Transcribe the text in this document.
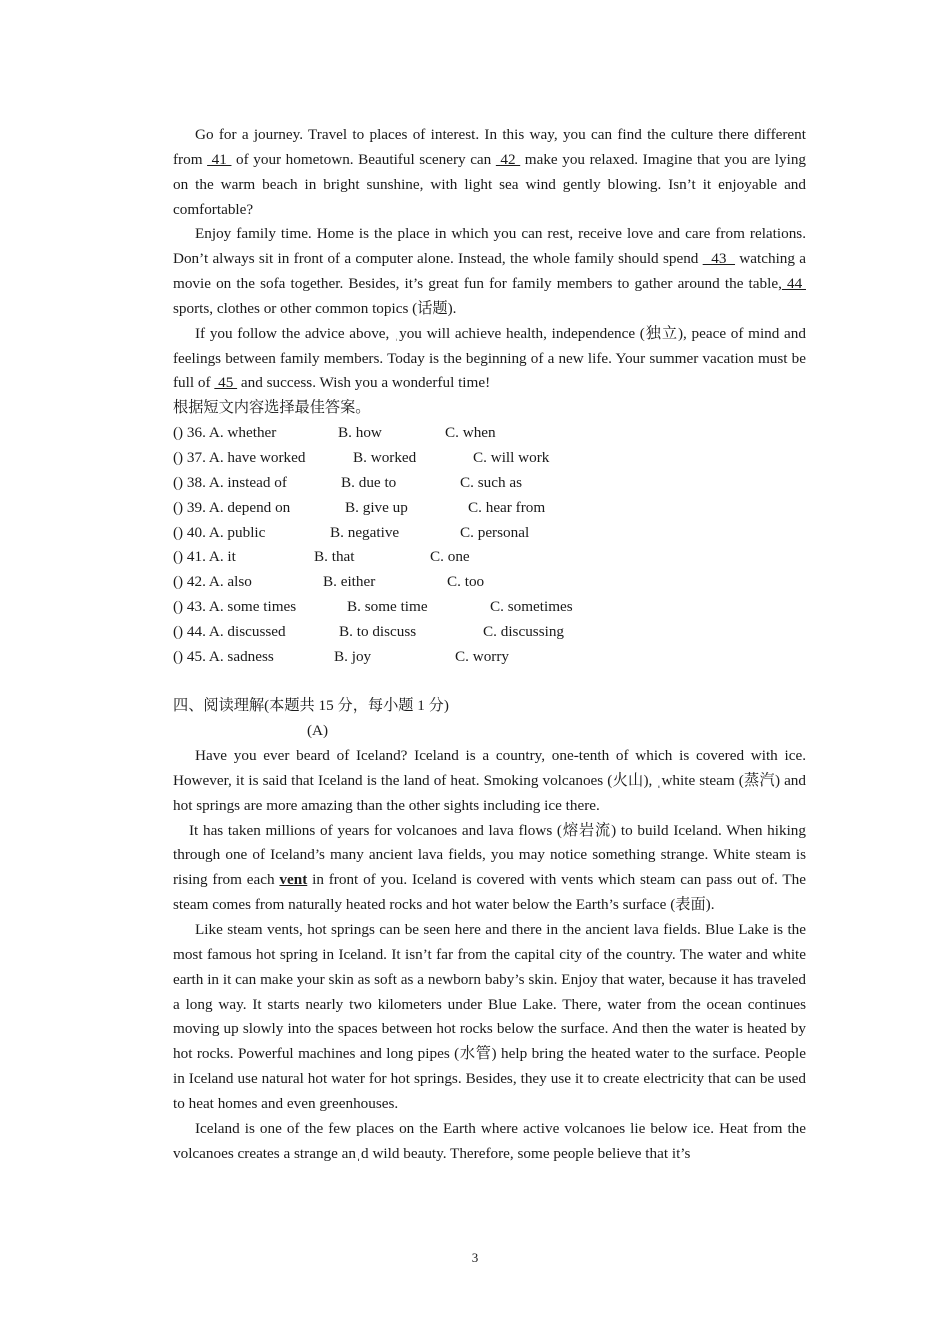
Go for a journey. Travel to places of interest. In this way, you can find the culture there different from  41  of your hometown. Beautiful scenery can  42  make you relaxed. Imagine that you are lying on the warm beach in bright sunshine, with light sea wind gently blowing. Isn’t it enjoyable and comfortable?

Enjoy family time. Home is the place in which you can rest, receive love and care from relations. Don’t always sit in front of a computer alone. Instead, the whole family should spend   43   watching a movie on the sofa together. Besides, it’s great fun for family members to gather around the table, 44  sports, clothes or other common topics (话题).

If you follow the advice above, ˌyou will achieve health, independence (独立), peace of mind and feelings between family members. Today is the beginning of a new life. Your summer vacation must be full of  45  and success. Wish you a wonderful time!

根据短文内容选择最佳答案。

() 36. A. whether	B. how	C. when
() 37. A. have worked	B. worked	C. will work
() 38. A. instead of	B. due to	C. such as
() 39. A. depend on	B. give up	C. hear from
() 40. A. public	B. negative	C. personal
() 41. A. it	B. that	C. one
() 42. A. also	B. either	C. too
() 43. A. some times	B. some time	C. sometimes
() 44. A. discussed	B. to discuss	C. discussing
() 45. A. sadness	B. joy	C. worry

四、阅读理解(本题共 15 分，每小题 1 分)

(A)

Have you ever beard of Iceland? Iceland is a country, one-tenth of which is covered with ice. However, it is said that Iceland is the land of heat. Smoking volcanoes (火山), ˌwhite steam (蒸汽) and hot springs are more amazing than the other sights including ice there.

It has taken millions of years for volcanoes and lava flows (熔岩流) to build Iceland. When hiking through one of Iceland’s many ancient lava fields, you may notice something strange. White steam is rising from each vent in front of you. Iceland is covered with vents which steam can pass out of. The steam comes from naturally heated rocks and hot water below the Earth’s surface (表面).

Like steam vents, hot springs can be seen here and there in the ancient lava fields. Blue Lake is the most famous hot spring in Iceland. It isn’t far from the capital city of the country. The water and white earth in it can make your skin as soft as a newborn baby’s skin. Enjoy that water, because it has traveled a long way. It starts nearly two kilometers under Blue Lake. There, water from the ocean continues moving up slowly into the spaces between hot rocks below the surface. And then the water is heated by hot rocks. Powerful machines and long pipes (水管) help bring the heated water to the surface. People in Iceland use natural hot water for hot springs. Besides, they use it to create electricity that can be used to heat homes and even greenhouses.

Iceland is one of the few places on the Earth where active volcanoes lie below ice. Heat from the volcanoes creates a strange anˌd wild beauty. Therefore, some people believe that it’s

3
